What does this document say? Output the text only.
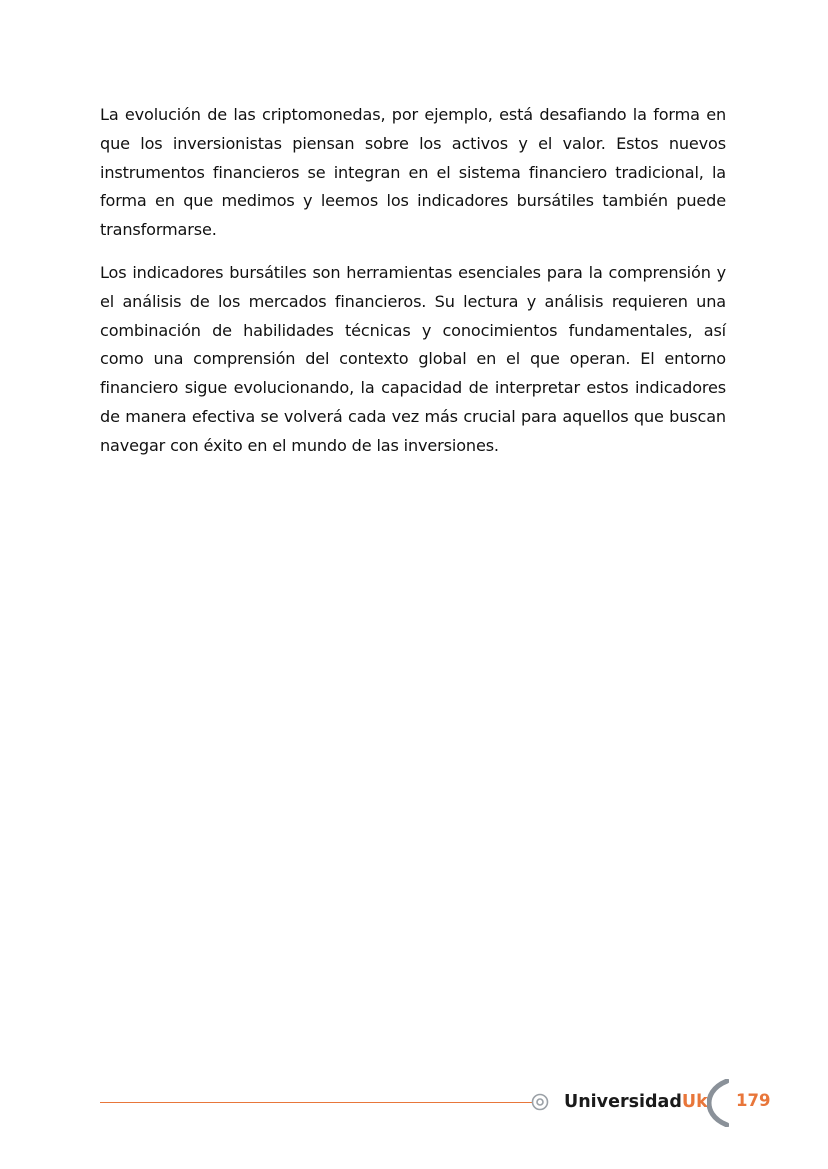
La evolución de las criptomonedas, por ejemplo, está desafiando la forma en que los inversionistas piensan sobre los activos y el valor. Estos nuevos instrumentos financieros se integran en el sistema financiero tradicional, la forma en que medimos y leemos los indicadores bursátiles también puede transformarse.

Los indicadores bursátiles son herramientas esenciales para la comprensión y el análisis de los mercados financieros. Su lectura y análisis requieren una combinación de habilidades técnicas y conocimientos fundamentales, así como una comprensión del contexto global en el que operan. El entorno financiero sigue evolucionando, la capacidad de interpretar estos indicadores de manera efectiva se volverá cada vez más crucial para aquellos que buscan navegar con éxito en el mundo de las inversiones.

UniversidadUk 179
